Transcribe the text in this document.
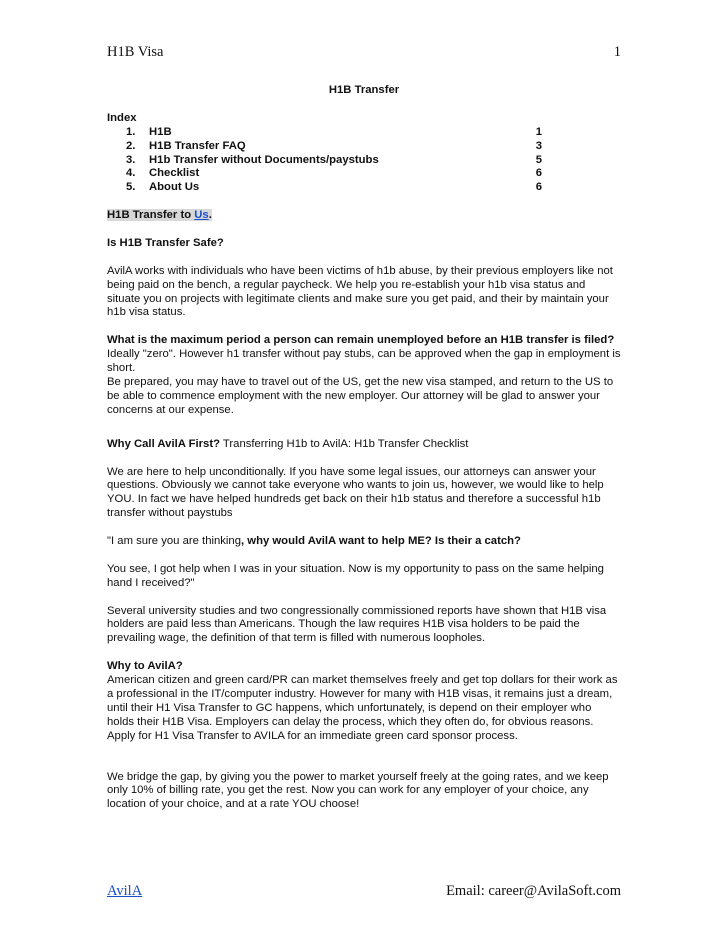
H1B Visa	1
H1B Transfer
Index
1. H1B	1
2. H1B Transfer FAQ	3
3. H1b Transfer without Documents/paystubs	5
4. Checklist	6
5. About Us	6

H1B Transfer to Us.

Is H1B Transfer Safe?

AvilA works with individuals who have been victims of h1b abuse, by their previous employers like not being paid on the bench, a regular paycheck. We help you re-establish your h1b visa status and situate you on projects with legitimate clients and make sure you get paid, and their by maintain your h1b visa status.

What is the maximum period a person can remain unemployed before an H1B transfer is filed?
Ideally "zero". However h1 transfer without pay stubs, can be approved when the gap in employment is short.

Be prepared, you may have to travel out of the US, get the new visa stamped, and return to the US to be able to commence employment with the new employer. Our attorney will be glad to answer your concerns at our expense.

Why Call AvilA First? Transferring H1b to AvilA: H1b Transfer Checklist

We are here to help unconditionally. If you have some legal issues, our attorneys can answer your questions. Obviously we cannot take everyone who wants to join us, however, we would like to help YOU. In fact we have helped hundreds get back on their h1b status and therefore a successful h1b transfer without paystubs

"I am sure you are thinking, why would AvilA want to help ME? Is their a catch?

You see, I got help when I was in your situation. Now is my opportunity to pass on the same helping hand I received?"

Several university studies and two congressionally commissioned reports have shown that H1B visa holders are paid less than Americans. Though the law requires H1B visa holders to be paid the prevailing wage, the definition of that term is filled with numerous loopholes.

Why to AvilA?

American citizen and green card/PR can market themselves freely and get top dollars for their work as a professional in the IT/computer industry. However for many with H1B visas, it remains just a dream, until their H1 Visa Transfer to GC happens, which unfortunately, is depend on their employer who holds their H1B Visa. Employers can delay the process, which they often do, for obvious reasons. Apply for H1 Visa Transfer to AVILA for an immediate green card sponsor process.

We bridge the gap, by giving you the power to market yourself freely at the going rates, and we keep only 10% of billing rate, you get the rest. Now you can work for any employer of your choice, any location of your choice, and at a rate YOU choose!

AvilA	Email: career@AvilaSoft.com
